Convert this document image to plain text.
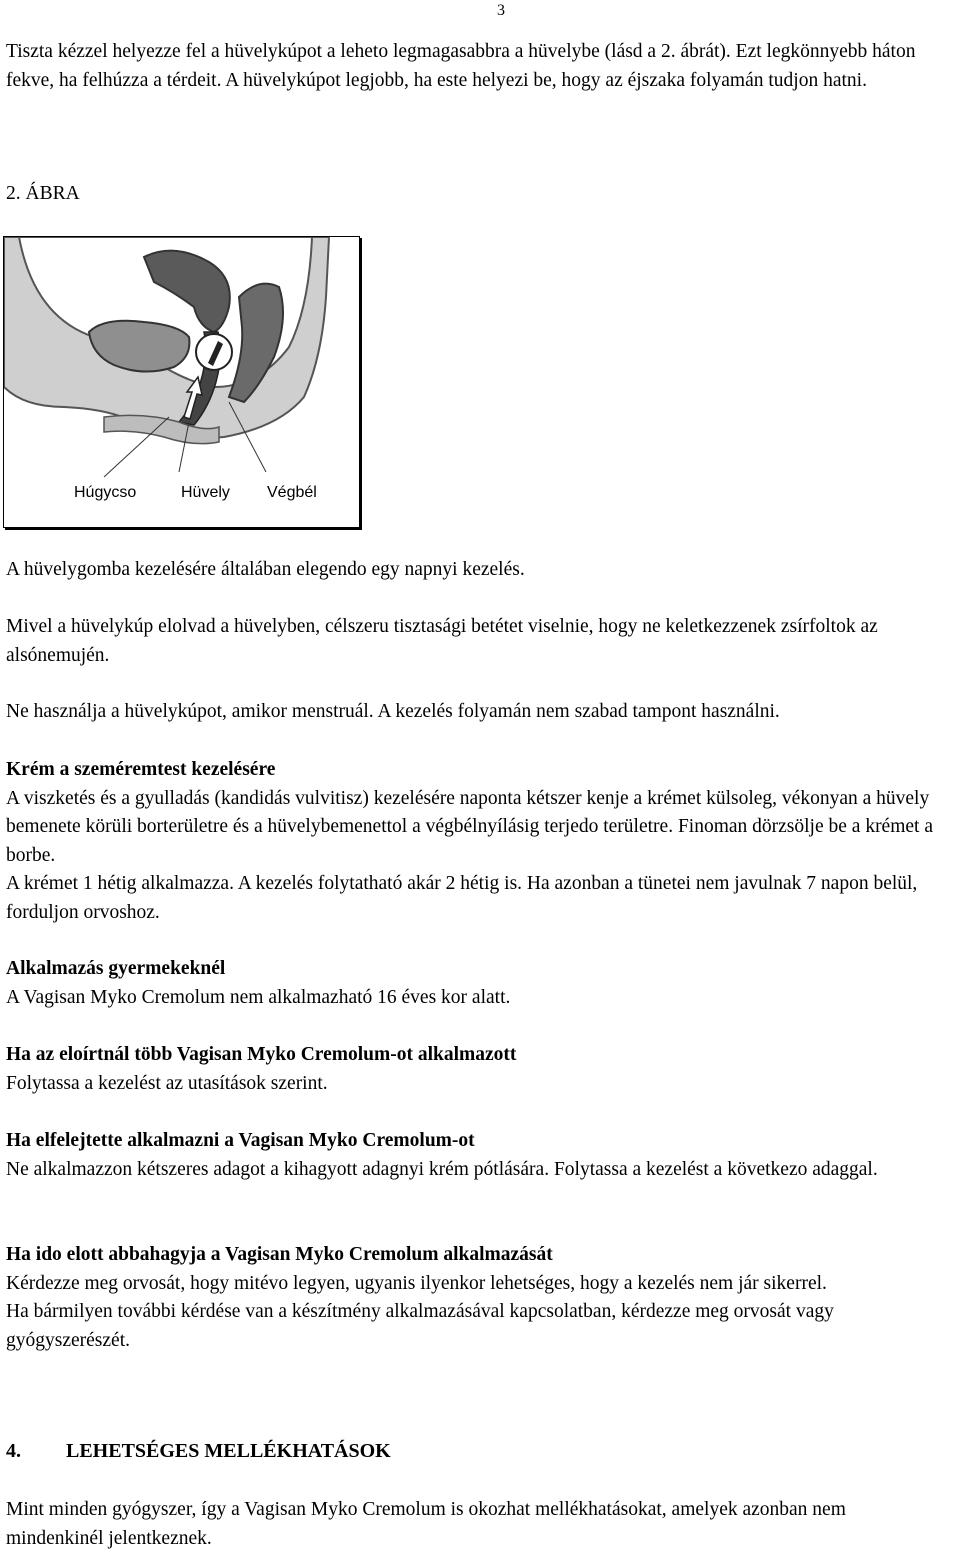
3

Tiszta kézzel helyezze fel a hüvelykúpot a leheto legmagasabbra a hüvelybe (lásd a 2. ábrát). Ezt legkönnyebb háton fekve, ha felhúzza a térdeit. A hüvelykúpot legjobb, ha este helyezi be, hogy az éjszaka folyamán tudjon hatni.

2. ÁBRA
Húgycso	Hüvely Végbél

A hüvelygomba kezelésére általában elegendo egy napnyi kezelés.

Mivel a hüvelykúp elolvad a hüvelyben, célszeru tisztasági betétet viselnie, hogy ne keletkezzenek zsírfoltok az alsónemujén.

Ne használja a hüvelykúpot, amikor menstruál. A kezelés folyamán nem szabad tampont használni.

Krém a szeméremtest kezelésére
A viszketés és a gyulladás (kandidás vulvitisz) kezelésére naponta kétszer kenje a krémet külsoleg, vékonyan a hüvely bemenete körüli borterületre és a hüvelybemenettol a végbélnyílásig terjedo területre. Finoman dörzsölje be a krémet a borbe.
A krémet 1 hétig alkalmazza. A kezelés folytatható akár 2 hétig is. Ha azonban a tünetei nem javulnak 7 napon belül, forduljon orvoshoz.
Alkalmazás gyermekeknél
A Vagisan Myko Cremolum nem alkalmazható 16 éves kor alatt.
Ha az eloírtnál több Vagisan Myko Cremolum-ot alkalmazott
Folytassa a kezelést az utasítások szerint.
Ha elfelejtette alkalmazni a Vagisan Myko Cremolum-ot
Ne alkalmazzon kétszeres adagot a kihagyott adagnyi krém pótlására. Folytassa a kezelést a következo adaggal.
Ha ido elott abbahagyja a Vagisan Myko Cremolum alkalmazását
Kérdezze meg orvosát, hogy mitévo legyen, ugyanis ilyenkor lehetséges, hogy a kezelés nem jár sikerrel.
Ha bármilyen további kérdése van a készítmény alkalmazásával kapcsolatban, kérdezze meg orvosát vagy gyógyszerészét.
4. LEHETSÉGES MELLÉKHATÁSOK

Mint minden gyógyszer, így a Vagisan Myko Cremolum is okozhat mellékhatásokat, amelyek azonban nem mindenkinél jelentkeznek.
